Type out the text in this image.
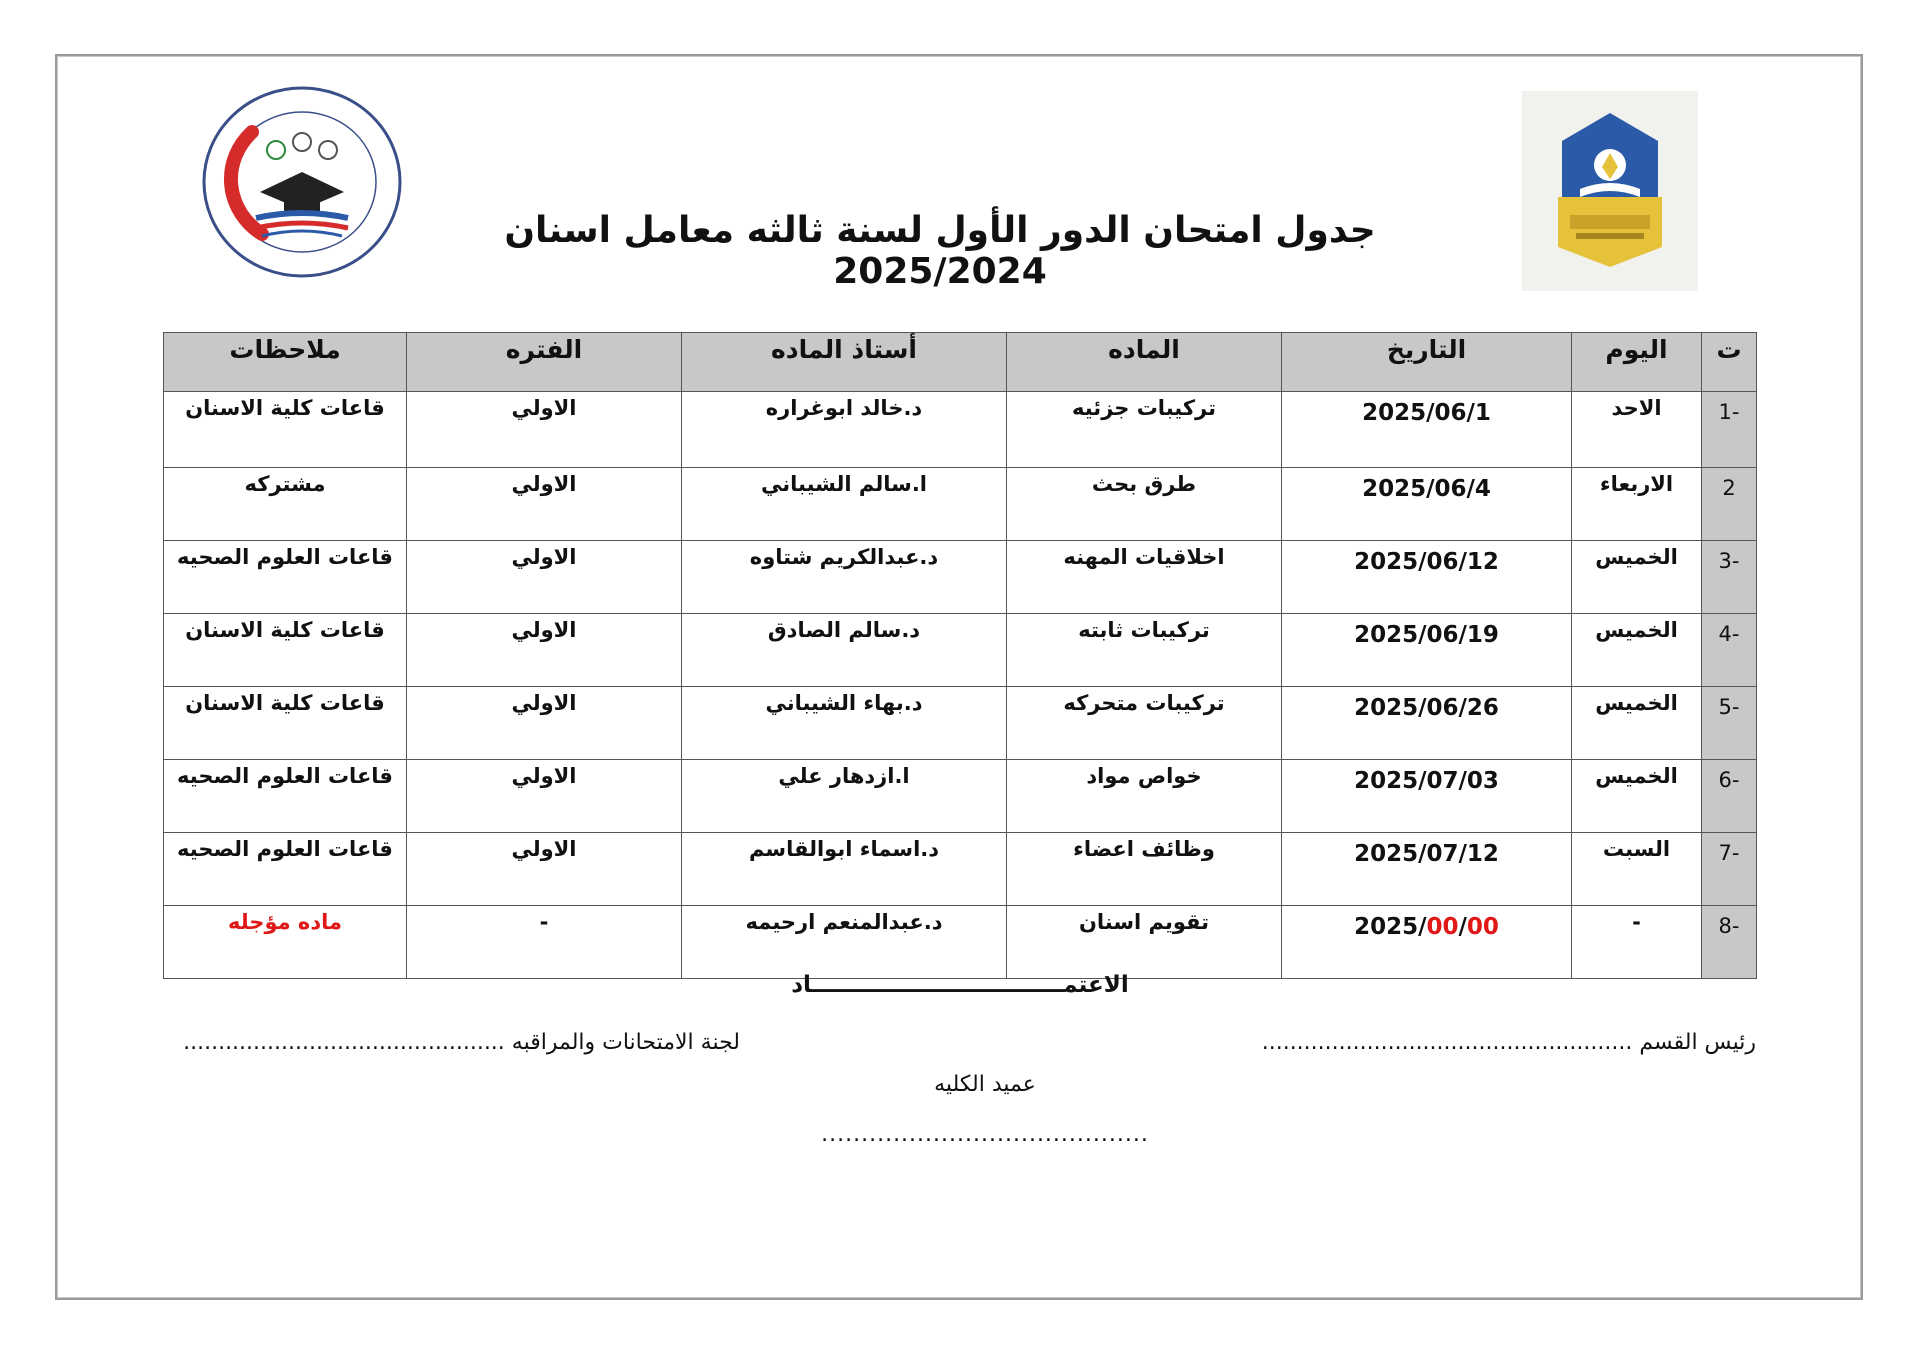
جدول امتحان الدور الأول لسنة ثالثه معامل اسنان 2025/2024
ت	اليوم	التاريخ	الماده	أستاذ الماده	الفتره	ملاحظات
-1	الاحد	2025/06/1	تركيبات جزئيه	د.خالد ابوغراره	الاولي	قاعات كلية الاسنان
2	الاربعاء	2025/06/4	طرق بحث	ا.سالم الشيباني	الاولي	مشتركه
-3	الخميس	2025/06/12	اخلاقيات المهنه	د.عبدالكريم شتاوه	الاولي	قاعات العلوم الصحيه
-4	الخميس	2025/06/19	تركيبات ثابته	د.سالم الصادق	الاولي	قاعات كلية الاسنان
-5	الخميس	2025/06/26	تركيبات متحركه	د.بهاء الشيباني	الاولي	قاعات كلية الاسنان
-6	الخميس	2025/07/03	خواص مواد	ا.ازدهار علي	الاولي	قاعات العلوم الصحيه
-7	السبت	2025/07/12	وظائف اعضاء	د.اسماء ابوالقاسم	الاولي	قاعات العلوم الصحيه
-8	-	2025/00/00	تقويم اسنان	د.عبدالمنعم ارحيمه	-	ماده مؤجله
الاعتمــــــــــــــــــــــــــــــــاد
رئيس القسم .....................................................
لجنة الامتحانات والمراقبه ..............................................
عميد الكليه
.........................................
